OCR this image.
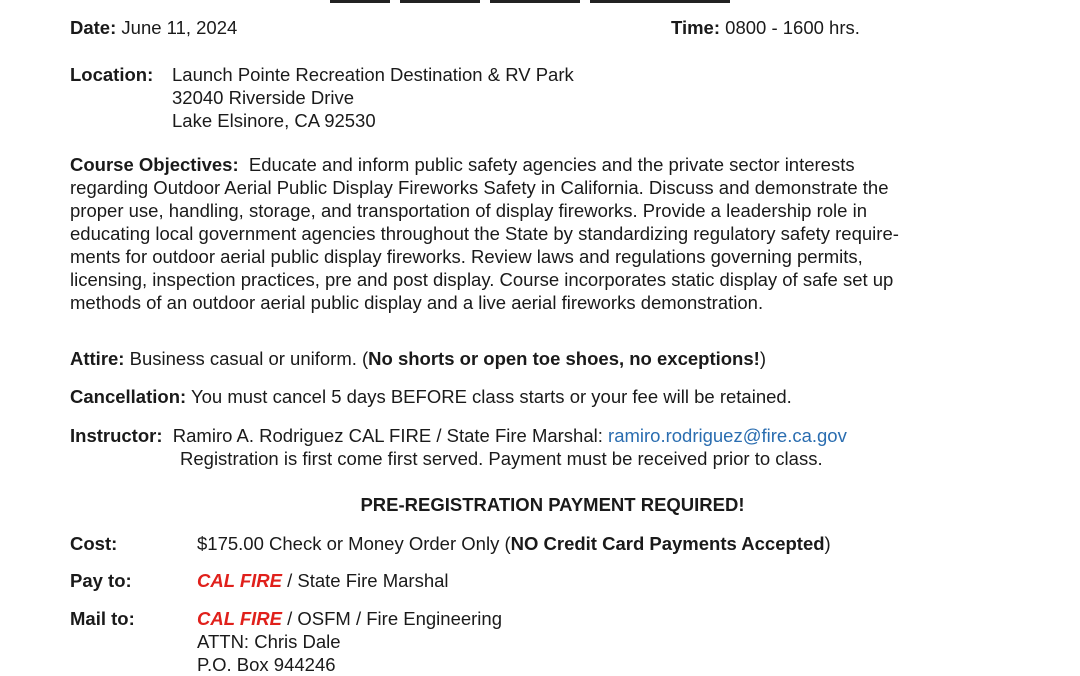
Date: June 11, 2024	Time: 0800 - 1600 hrs.
Location: Launch Pointe Recreation Destination & RV Park
32040 Riverside Drive
Lake Elsinore, CA 92530
Course Objectives: Educate and inform public safety agencies and the private sector interests
regarding Outdoor Aerial Public Display Fireworks Safety in California. Discuss and demonstrate the
proper use, handling, storage, and transportation of display fireworks. Provide a leadership role in
educating local government agencies throughout the State by standardizing regulatory safety require-
ments for outdoor aerial public display fireworks. Review laws and regulations governing permits,
licensing, inspection practices, pre and post display. Course incorporates static display of safe set up
methods of an outdoor aerial public display and a live aerial fireworks demonstration.
Attire: Business casual or uniform. (No shorts or open toe shoes, no exceptions!)
Cancellation: You must cancel 5 days BEFORE class starts or your fee will be retained.
Instructor: Ramiro A. Rodriguez CAL FIRE / State Fire Marshal: ramiro.rodriguez@fire.ca.gov
Registration is first come first served. Payment must be received prior to class.
PRE-REGISTRATION PAYMENT REQUIRED!
Cost:	$175.00 Check or Money Order Only (NO Credit Card Payments Accepted)
Pay to:	CAL FIRE / State Fire Marshal
Mail to:	CAL FIRE / OSFM / Fire Engineering
ATTN: Chris Dale
P.O. Box 944246
